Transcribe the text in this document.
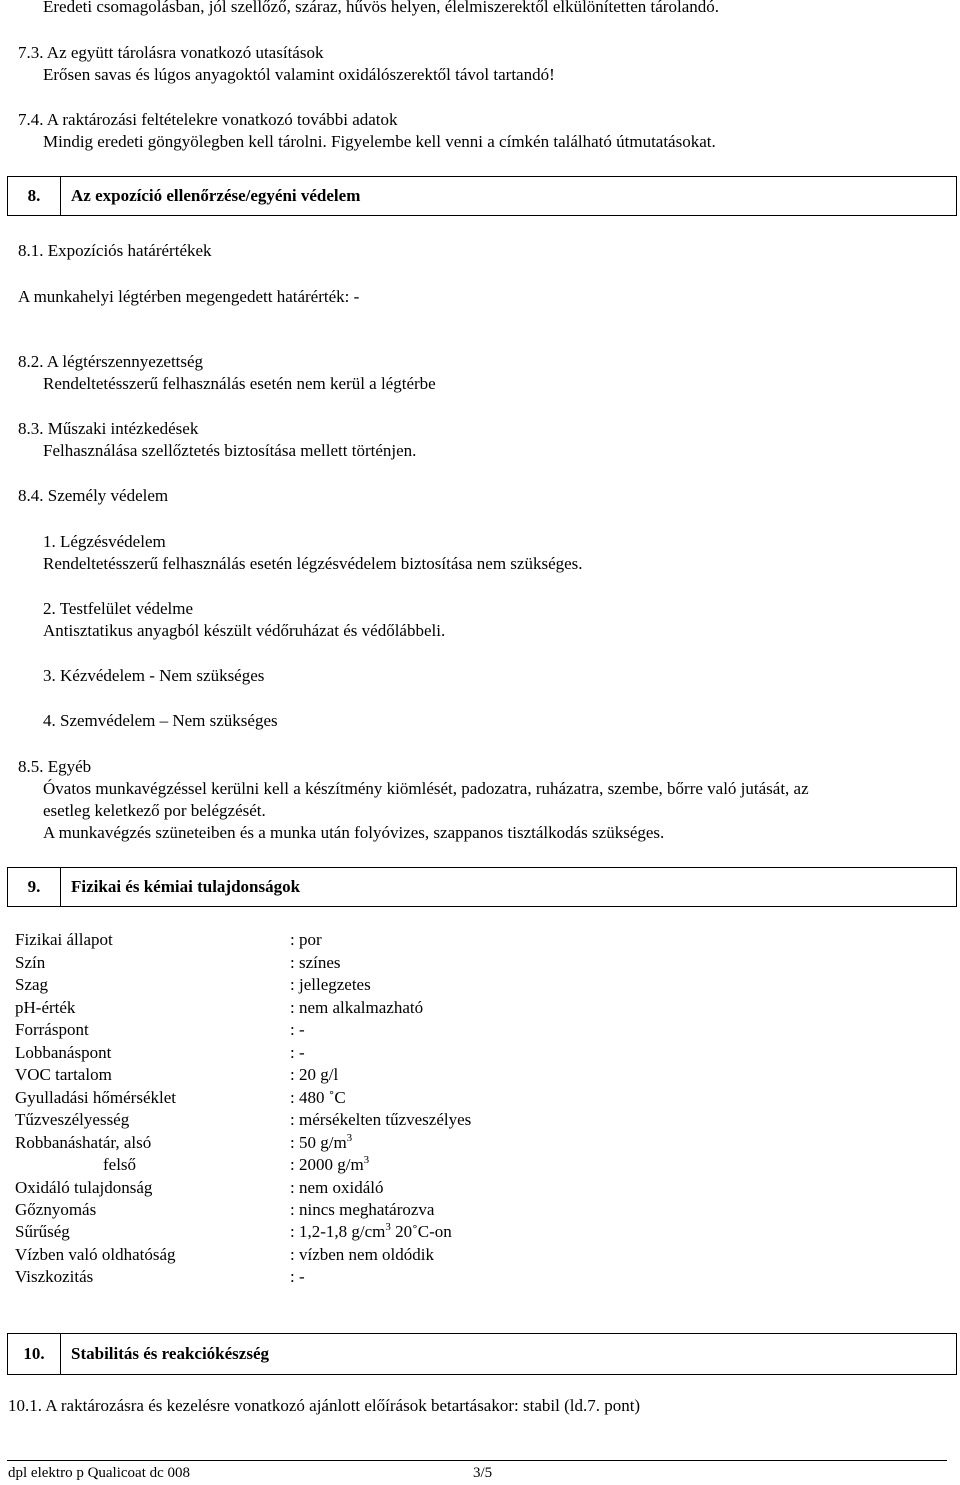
Eredeti csomagolásban, jól szellőző, száraz, hűvös helyen, élelmiszerektől elkülönítetten tárolandó.
7.3. Az együtt tárolásra vonatkozó utasítások
Erősen savas és lúgos anyagoktól valamint oxidálószerektől távol tartandó!
7.4. A raktározási feltételekre vonatkozó további adatok
Mindig eredeti göngyölegben kell tárolni. Figyelembe kell venni a címkén található útmutatásokat.
8.	Az expozíció ellenőrzése/egyéni védelem
8.1. Expozíciós határértékek
A munkahelyi légtérben megengedett határérték: -
8.2. A légtérszennyezettség
Rendeltetésszerű felhasználás esetén nem kerül a légtérbe
8.3. Műszaki intézkedések
Felhasználása szellőztetés biztosítása mellett történjen.
8.4. Személy védelem
1. Légzésvédelem
Rendeltetésszerű felhasználás esetén légzésvédelem biztosítása nem szükséges.
2. Testfelület védelme
Antisztatikus anyagból készült védőruházat és védőlábbeli.
3. Kézvédelem - Nem szükséges
4. Szemvédelem – Nem szükséges
8.5. Egyéb
Óvatos munkavégzéssel kerülni kell a készítmény kiömlését, padozatra, ruházatra, szembe, bőrre való jutását, az
esetleg keletkező por belégzését.
A munkavégzés szüneteiben és a munka után folyóvizes, szappanos tisztálkodás szükséges.
9.	Fizikai és kémiai tulajdonságok
Fizikai állapot	: por
Szín	: színes
Szag	: jellegzetes
pH-érték	: nem alkalmazható
Forráspont	: -
Lobbanáspont	: -
VOC tartalom	: 20 g/l
Gyulladási hőmérséklet	: 480 ˚C
Tűzveszélyesség	: mérsékelten tűzveszélyes
Robbanáshatár, alsó	: 50 $g/m^3$
felső	: 2000 $g/m^3$
Oxidáló tulajdonság	: nem oxidáló
Gőznyomás	: nincs meghatározva
Sűrűség	: 1,2-1,8 $g/cm^3$ 20˚C-on
Vízben való oldhatóság	: vízben nem oldódik
Viszkozitás	: -
10.	Stabilitás és reakciókészség
10.1. A raktározásra és kezelésre vonatkozó ajánlott előírások betartásakor: stabil (ld.7. pont)
dpl elektro p Qualicoat dc 008	3/5
